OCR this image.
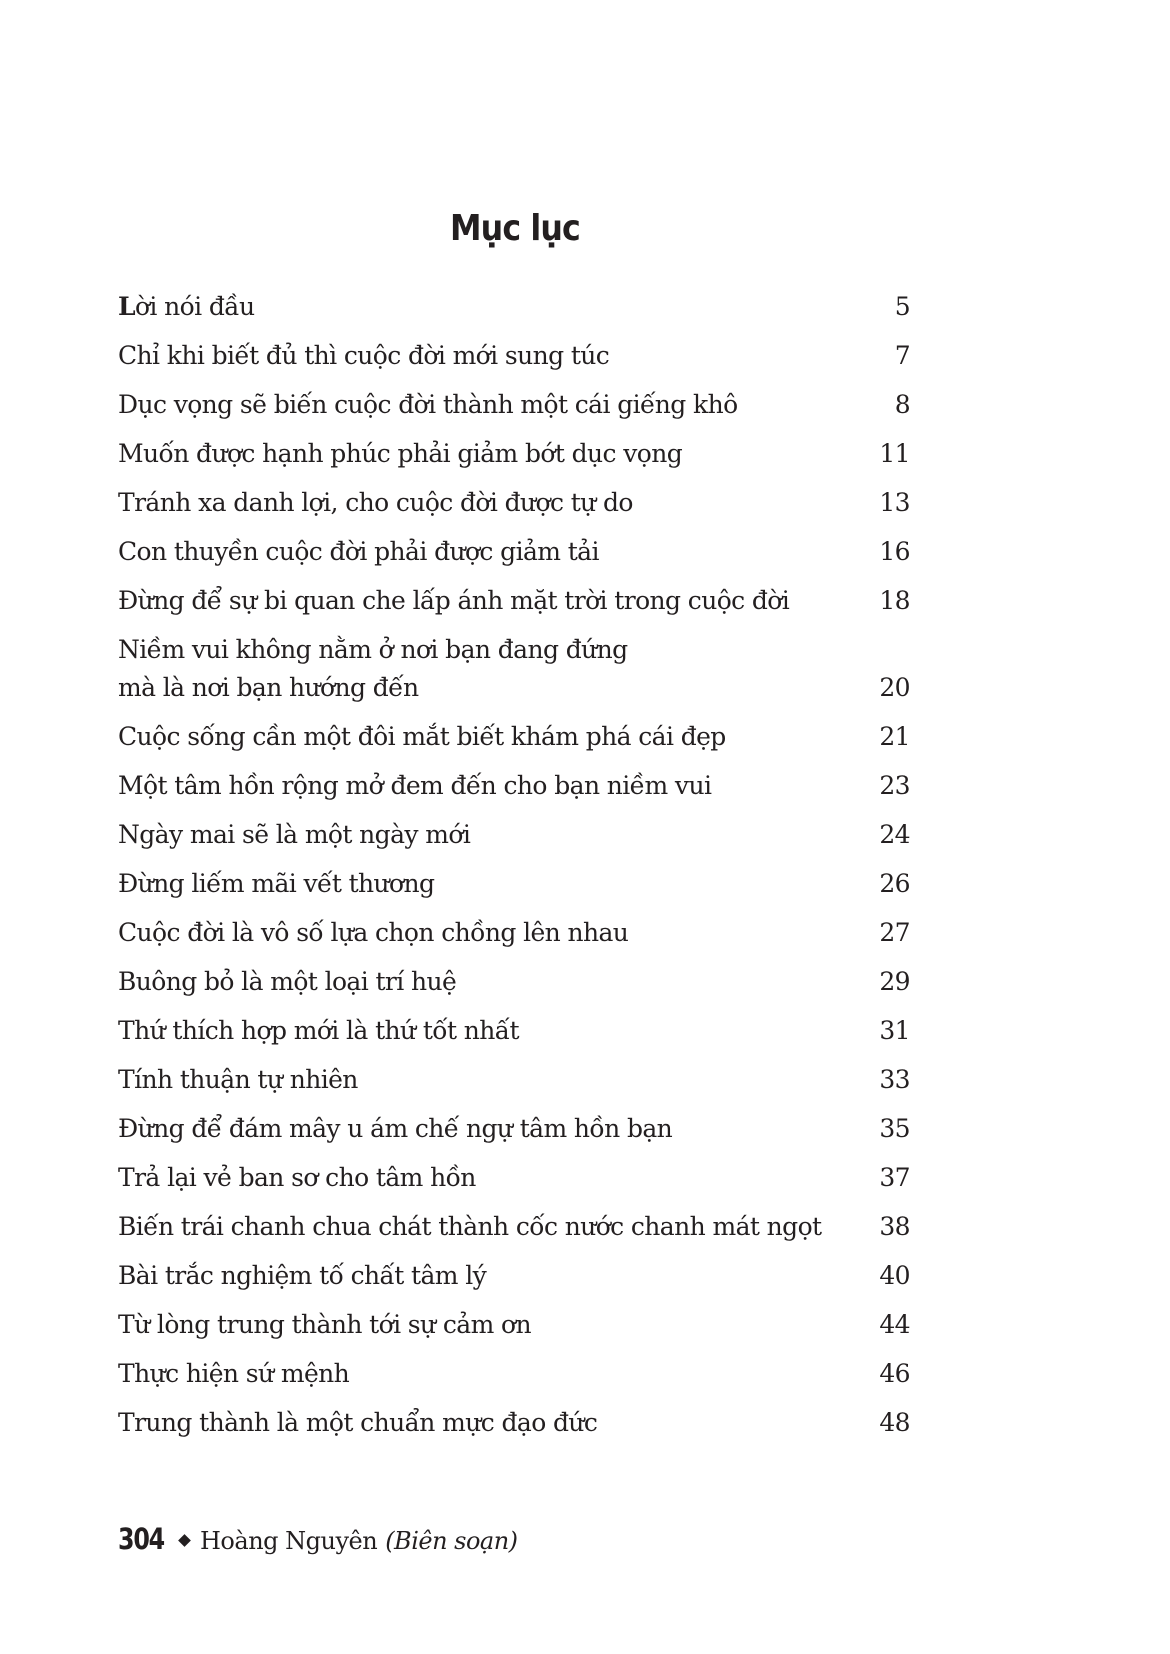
Mục lục
Lời nói đầu	5
Chỉ khi biết đủ thì cuộc đời mới sung túc	7
Dục vọng sẽ biến cuộc đời thành một cái giếng khô	8
Muốn được hạnh phúc phải giảm bớt dục vọng	11
Tránh xa danh lợi, cho cuộc đời được tự do	13
Con thuyền cuộc đời phải được giảm tải	16
Đừng để sự bi quan che lấp ánh mặt trời trong cuộc đời	18
Niềm vui không nằm ở nơi bạn đang đứng
mà là nơi bạn hướng đến	20
Cuộc sống cần một đôi mắt biết khám phá cái đẹp	21
Một tâm hồn rộng mở đem đến cho bạn niềm vui	23
Ngày mai sẽ là một ngày mới	24
Đừng liếm mãi vết thương	26
Cuộc đời là vô số lựa chọn chồng lên nhau	27
Buông bỏ là một loại trí huệ	29
Thứ thích hợp mới là thứ tốt nhất	31
Tính thuận tự nhiên	33
Đừng để đám mây u ám chế ngự tâm hồn bạn	35
Trả lại vẻ ban sơ cho tâm hồn	37
Biến trái chanh chua chát thành cốc nước chanh mát ngọt	38
Bài trắc nghiệm tố chất tâm lý	40
Từ lòng trung thành tới sự cảm ơn	44
Thực hiện sứ mệnh	46
Trung thành là một chuẩn mực đạo đức	48
304 Hoàng Nguyên (Biên soạn)
